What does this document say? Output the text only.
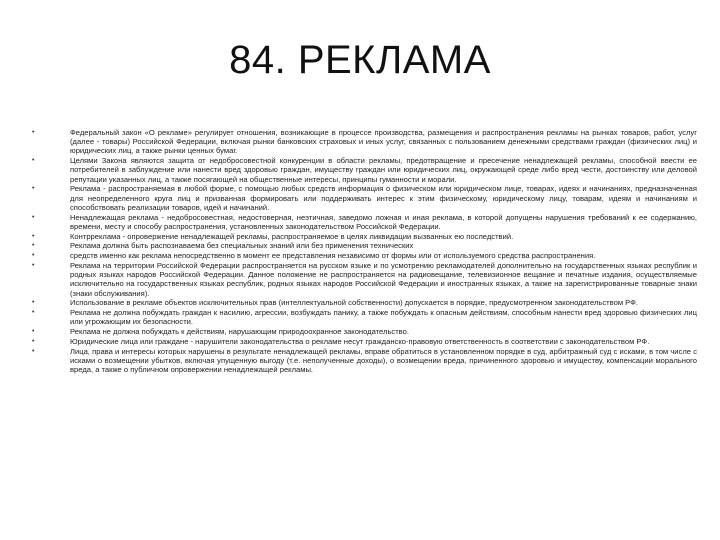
84. РЕКЛАМА
•	Федеральный закон «О рекламе» регулирует отношения, возникающие в процессе производства, размещения и распространения рекламы на рынках товаров, работ, услуг (далее - товары) Российской Федерации, включая рынки банковских страховых и иных услуг, связанных с пользованием денежными средствами граждан (физических лиц) и юридических лиц, а также рынки ценных бумаг.
•	Целями Закона являются защита от недобросовестной конкуренции в области рекламы, предотвращение и пресечение ненадлежащей рекламы, способной ввести ее потребителей в заблуждение или нанести вред здоровью граждан, имуществу граждан или юридических лиц, окружающей среде либо вред чести, достоинству или деловой репутации указанных лиц, а также посягающей на общественные интересы, принципы гуманности и морали.
•	Реклама - распространяемая в любой форме, с помощью любых средств информация о физическом или юридическом лице, товарах, идеях и начинаниях, предназначенная для неопределенного круга лиц и призванная формировать или поддерживать интерес к этим физическому, юридическому лицу, товарам, идеям и начинаниям и способствовать реализации товаров, идей и начинаний.
•	Ненадлежащая реклама - недобросовестная, недостоверная, неэтичная, заведомо ложная и иная реклама, в которой допущены нарушения требований к ее содержанию, времени, месту и способу распространения, установленных законодательством Российской Федерации.
•	Контрреклама - опровержение ненадлежащей рекламы, распространяемое в целях ликвидации вызванных ею последствий.
•	Реклама должна быть распознаваема без специальных знаний или без применения технических
•	средств именно как реклама непосредственно в момент ее представления независимо от формы или от используемого средства распространения.
•	Реклама на территории Российской Федерации распространяется на русском языке и по усмотрению рекламодателей дополнительно на государственных языках республик и родных языках народов Российской Федерации. Данное положение не распространяется на радиовещание, телевизионное вещание и печатные издания, осуществляемые исключительно на государственных языках республик, родных языках народов Российской Федерации и иностранных языках, а также на зарегистрированные товарные знаки (знаки обслуживания).
•	Использование в рекламе объектов исключительных прав (интеллектуальной собственности) допускается в порядке, предусмотренном законодательством РФ.
•	Реклама не должна побуждать граждан к насилию, агрессии, возбуждать панику, а также побуждать к опасным действиям, способным нанести вред здоровью физических лиц или угрожающим их безопасности.
•	Реклама не должна побуждать к действиям, нарушающим природоохранное законодательство.
•	Юридические лица или граждане - нарушители законодательства о рекламе несут гражданско-правовую ответственность в соответствии с законодательством РФ.
•	Лица, права и интересы которых нарушены в результате ненадлежащей рекламы, вправе обратиться в установленном порядке в суд, арбитражный суд с исками, в том числе с исками о возмещении убытков, включая упущенную выгоду (т.е. неполученные доходы), о возмещении вреда, причиненного здоровью и имуществу, компенсации морального вреда, а также о публичном опровержении ненадлежащей рекламы.
